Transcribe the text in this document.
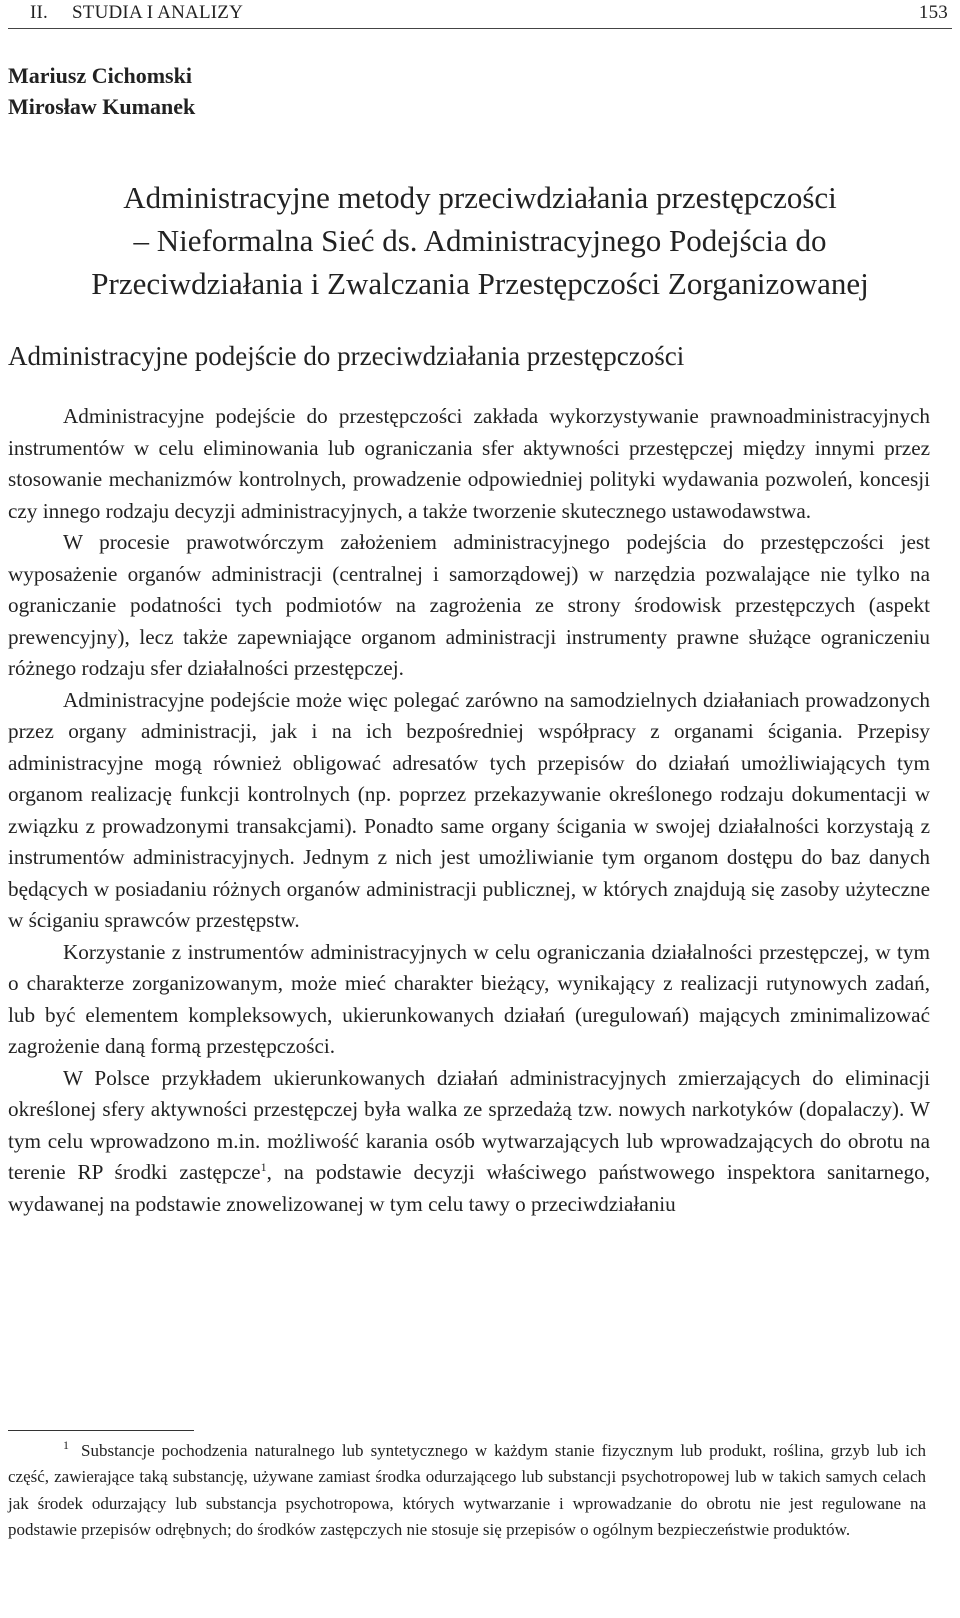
II. STUDIA I ANALIZY	153
Mariusz Cichomski
Mirosław Kumanek
Administracyjne metody przeciwdziałania przestępczości
– Nieformalna Sieć ds. Administracyjnego Podejścia do
Przeciwdziałania i Zwalczania Przestępczości Zorganizowanej
Administracyjne podejście do przeciwdziałania przestępczości

Administracyjne podejście do przestępczości zakłada wykorzystywanie prawnoadministracyjnych instrumentów w celu eliminowania lub ograniczania sfer aktywności przestępczej między innymi przez stosowanie mechanizmów kontrolnych, prowadzenie odpowiedniej polityki wydawania pozwoleń, koncesji czy innego rodzaju decyzji administracyjnych, a także tworzenie skutecznego ustawodawstwa.

W procesie prawotwórczym założeniem administracyjnego podejścia do przestępczości jest wyposażenie organów administracji (centralnej i samorządowej) w narzędzia pozwalające nie tylko na ograniczanie podatności tych podmiotów na zagrożenia ze strony środowisk przestępczych (aspekt prewencyjny), lecz także zapewniające organom administracji instrumenty prawne służące ograniczeniu różnego rodzaju sfer działalności przestępczej.

Administracyjne podejście może więc polegać zarówno na samodzielnych działaniach prowadzonych przez organy administracji, jak i na ich bezpośredniej współpracy z organami ścigania. Przepisy administracyjne mogą również obligować adresatów tych przepisów do działań umożliwiających tym organom realizację funkcji kontrolnych (np. poprzez przekazywanie określonego rodzaju dokumentacji w związku z prowadzonymi transakcjami). Ponadto same organy ścigania w swojej działalności korzystają z instrumentów administracyjnych. Jednym z nich jest umożliwianie tym organom dostępu do baz danych będących w posiadaniu różnych organów administracji publicznej, w których znajdują się zasoby użyteczne w ściganiu sprawców przestępstw.

Korzystanie z instrumentów administracyjnych w celu ograniczania działalności przestępczej, w tym o charakterze zorganizowanym, może mieć charakter bieżący, wynikający z realizacji rutynowych zadań, lub być elementem kompleksowych, ukierunkowanych działań (uregulowań) mających zminimalizować zagrożenie daną formą przestępczości.

W Polsce przykładem ukierunkowanych działań administracyjnych zmierzających do eliminacji określonej sfery aktywności przestępczej była walka ze sprzedażą tzw. nowych narkotyków (dopalaczy). W tym celu wprowadzono m.in. możliwość karania osób wytwarzających lub wprowadzających do obrotu na terenie RP środki zastępcze$^1$, na podstawie decyzji właściwego państwowego inspektora sanitarnego, wydawanej na podstawie znowelizowanej w tym celu tawy o przeciwdziałaniu

$^1$ Substancje pochodzenia naturalnego lub syntetycznego w każdym stanie fizycznym lub produkt, roślina, grzyb lub ich część, zawierające taką substancję, używane zamiast środka odurzającego lub substancji psychotropowej lub w takich samych celach jak środek odurzający lub substancja psychotropowa, których wytwarzanie i wprowadzanie do obrotu nie jest regulowane na podstawie przepisów odrębnych; do środków zastępczych nie stosuje się przepisów o ogólnym bezpieczeństwie produktów.
